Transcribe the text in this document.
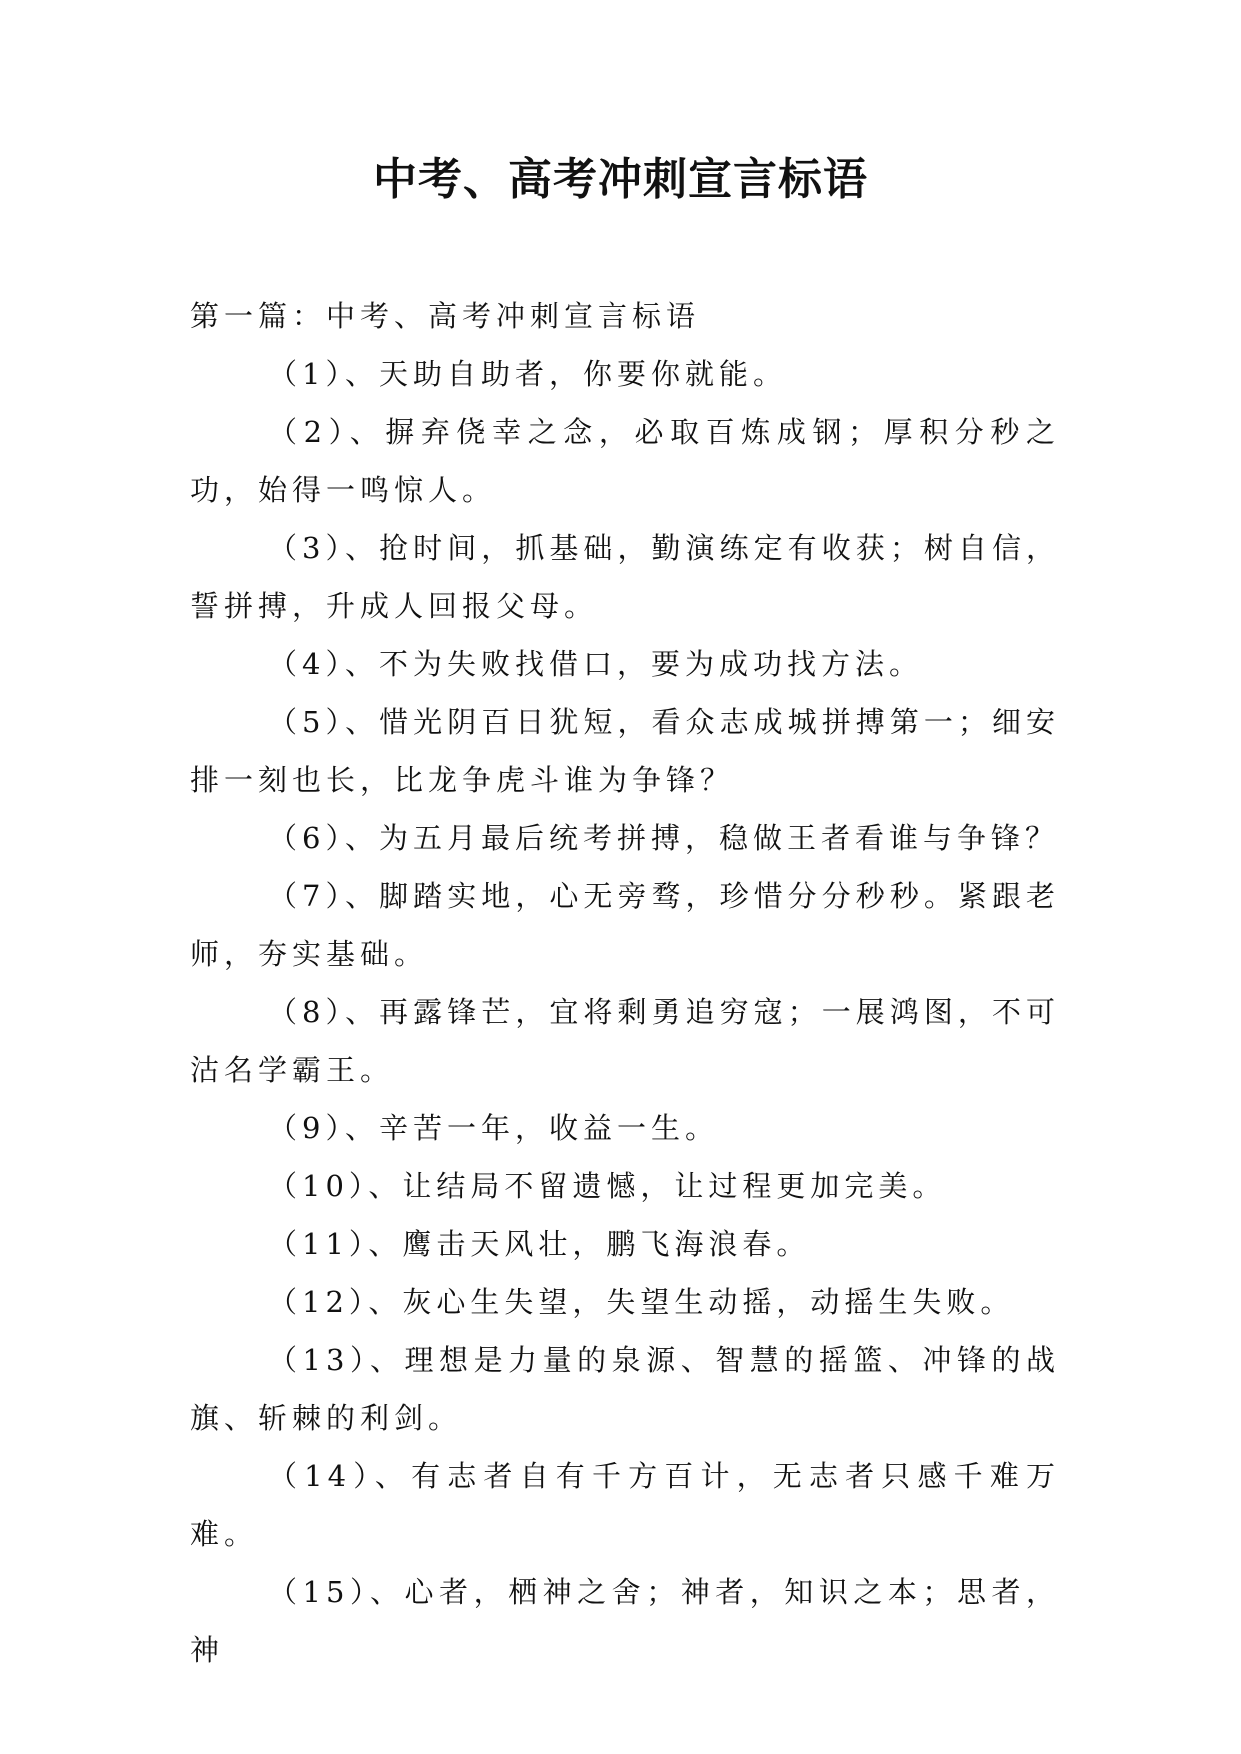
中考、高考冲刺宣言标语

第一篇：中考、高考冲刺宣言标语

（1）、天助自助者，你要你就能。

（2）、摒弃侥幸之念，必取百炼成钢；厚积分秒之功，始得一鸣惊人。

（3）、抢时间，抓基础，勤演练定有收获；树自信，誓拼搏，升成人回报父母。

（4）、不为失败找借口，要为成功找方法。

（5）、惜光阴百日犹短，看众志成城拼搏第一；细安排一刻也长，比龙争虎斗谁为争锋？

（6）、为五月最后统考拼搏，稳做王者看谁与争锋？

（7）、脚踏实地，心无旁骛，珍惜分分秒秒。紧跟老师，夯实基础。

（8）、再露锋芒，宜将剩勇追穷寇；一展鸿图，不可沽名学霸王。

（9）、辛苦一年，收益一生。

（10）、让结局不留遗憾，让过程更加完美。

（11）、鹰击天风壮，鹏飞海浪春。

（12）、灰心生失望，失望生动摇，动摇生失败。

（13）、理想是力量的泉源、智慧的摇篮、冲锋的战旗、斩棘的利剑。

（14）、有志者自有千方百计，无志者只感千难万难。

（15）、心者，栖神之舍；神者，知识之本；思者，神
